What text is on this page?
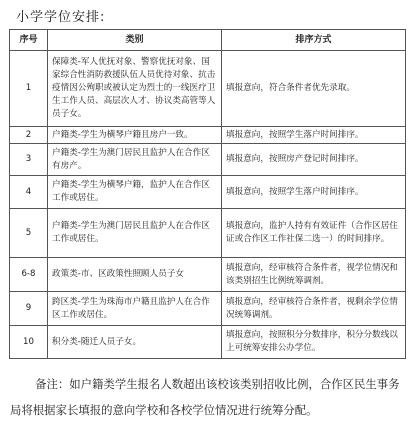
小学学位安排:
序号	类别	排序方式
1	保障类-军人优抚对象、警察优抚对象、国家综合性消防救援队伍人员优待对象、抗击疫情因公殉职或被认定为烈士的一线医疗卫生工作人员、高层次人才、协议类高管等人员子女。	填报意向，符合条件者优先录取。
2	户籍类-学生为横琴户籍且房户一致。	填报意向，按照学生落户时间排序。
3	户籍类-学生为澳门居民且监护人在合作区有房产。	填报意向，按照房产登记时间排序。
4	户籍类-学生为横琴户籍，监护人在合作区工作或居住。	填报意向，按照学生落户时间排序。
5	户籍类-学生为澳门居民且监护人在合作区工作或居住。	填报意向，监护人持有有效证件（合作区居住证或合作区工作社保二选一）的时间排序。
6-8	政策类-市、区政策性照顾人员子女	填报意向，经审核符合条件者，视学位情况和该类别招生比例统筹调剂。
9	跨区类-学生为珠海市户籍且监护人在合作区工作或居住。	填报意向，经审核符合条件者，视剩余学位情况统筹调剂。
10	积分类-随迁人员子女。	填报意向，按照积分分数排序，积分分数线以上可统筹安排公办学位。
备注：如户籍类学生报名人数超出该校该类别招收比例，合作区民生事务局将根据家长填报的意向学校和各校学位情况进行统筹分配。
